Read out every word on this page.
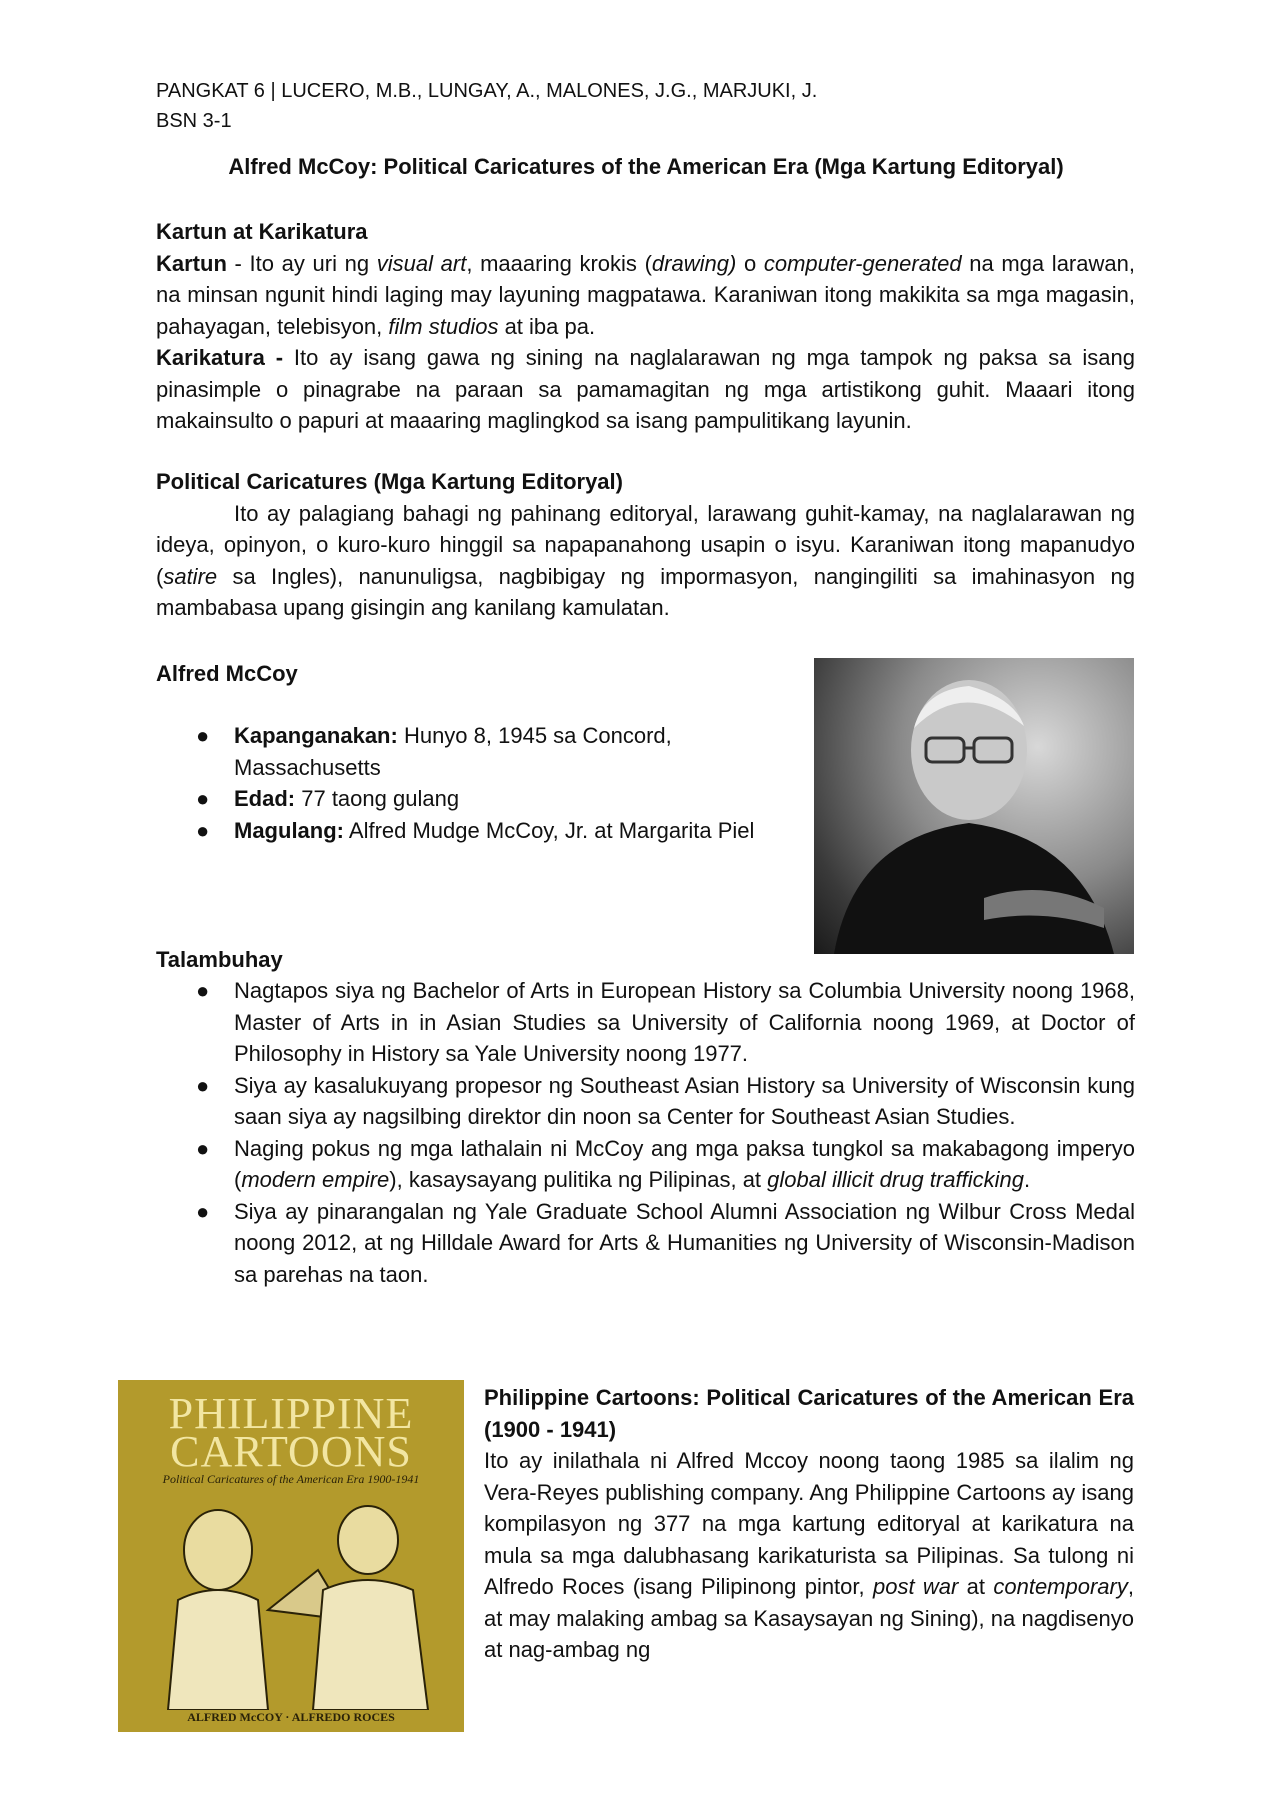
PANGKAT 6 | LUCERO, M.B., LUNGAY, A., MALONES, J.G., MARJUKI, J.
BSN 3-1
Alfred McCoy: Political Caricatures of the American Era (Mga Kartung Editoryal)

Kartun at Karikatura

Kartun - Ito ay uri ng visual art, maaaring krokis (drawing) o computer-generated na mga larawan, na minsan ngunit hindi laging may layuning magpatawa. Karaniwan itong makikita sa mga magasin, pahayagan, telebisyon, film studios at iba pa.

Karikatura - Ito ay isang gawa ng sining na naglalarawan ng mga tampok ng paksa sa isang pinasimple o pinagrabe na paraan sa pamamagitan ng mga artistikong guhit. Maaari itong makainsulto o papuri at maaaring maglingkod sa isang pampulitikang layunin.

Political Caricatures (Mga Kartung Editoryal)

Ito ay palagiang bahagi ng pahinang editoryal, larawang guhit-kamay, na naglalarawan ng ideya, opinyon, o kuro-kuro hinggil sa napapanahong usapin o isyu. Karaniwan itong mapanudyo (satire sa Ingles), nanunuligsa, nagbibigay ng impormasyon, nangingiliti sa imahinasyon ng mambabasa upang gisingin ang kanilang kamulatan.

Alfred McCoy
● Kapanganakan: Hunyo 8, 1945 sa Concord, Massachusetts
● Edad: 77 taong gulang
● Magulang: Alfred Mudge McCoy, Jr. at Margarita Piel
Talambuhay
● Nagtapos siya ng Bachelor of Arts in European History sa Columbia University noong 1968, Master of Arts in in Asian Studies sa University of California noong 1969, at Doctor of Philosophy in History sa Yale University noong 1977.
● Siya ay kasalukuyang propesor ng Southeast Asian History sa University of Wisconsin kung saan siya ay nagsilbing direktor din noon sa Center for Southeast Asian Studies.
● Naging pokus ng mga lathalain ni McCoy ang mga paksa tungkol sa makabagong imperyo (modern empire), kasaysayang pulitika ng Pilipinas, at global illicit drug trafficking.
● Siya ay pinarangalan ng Yale Graduate School Alumni Association ng Wilbur Cross Medal noong 2012, at ng Hilldale Award for Arts & Humanities ng University of Wisconsin-Madison sa parehas na taon.
PHILIPPINE
CARTOONS
Political Caricatures of the American Era 1900-1941
ALFRED McCOY · ALFREDO ROCES

Philippine Cartoons: Political Caricatures of the American Era (1900 - 1941)

Ito ay inilathala ni Alfred Mccoy noong taong 1985 sa ilalim ng Vera-Reyes publishing company. Ang Philippine Cartoons ay isang kompilasyon ng 377 na mga kartung editoryal at karikatura na mula sa mga dalubhasang karikaturista sa Pilipinas. Sa tulong ni Alfredo Roces (isang Pilipinong pintor, post war at contemporary, at may malaking ambag sa Kasaysayan ng Sining), na nagdisenyo at nag-ambag ng
